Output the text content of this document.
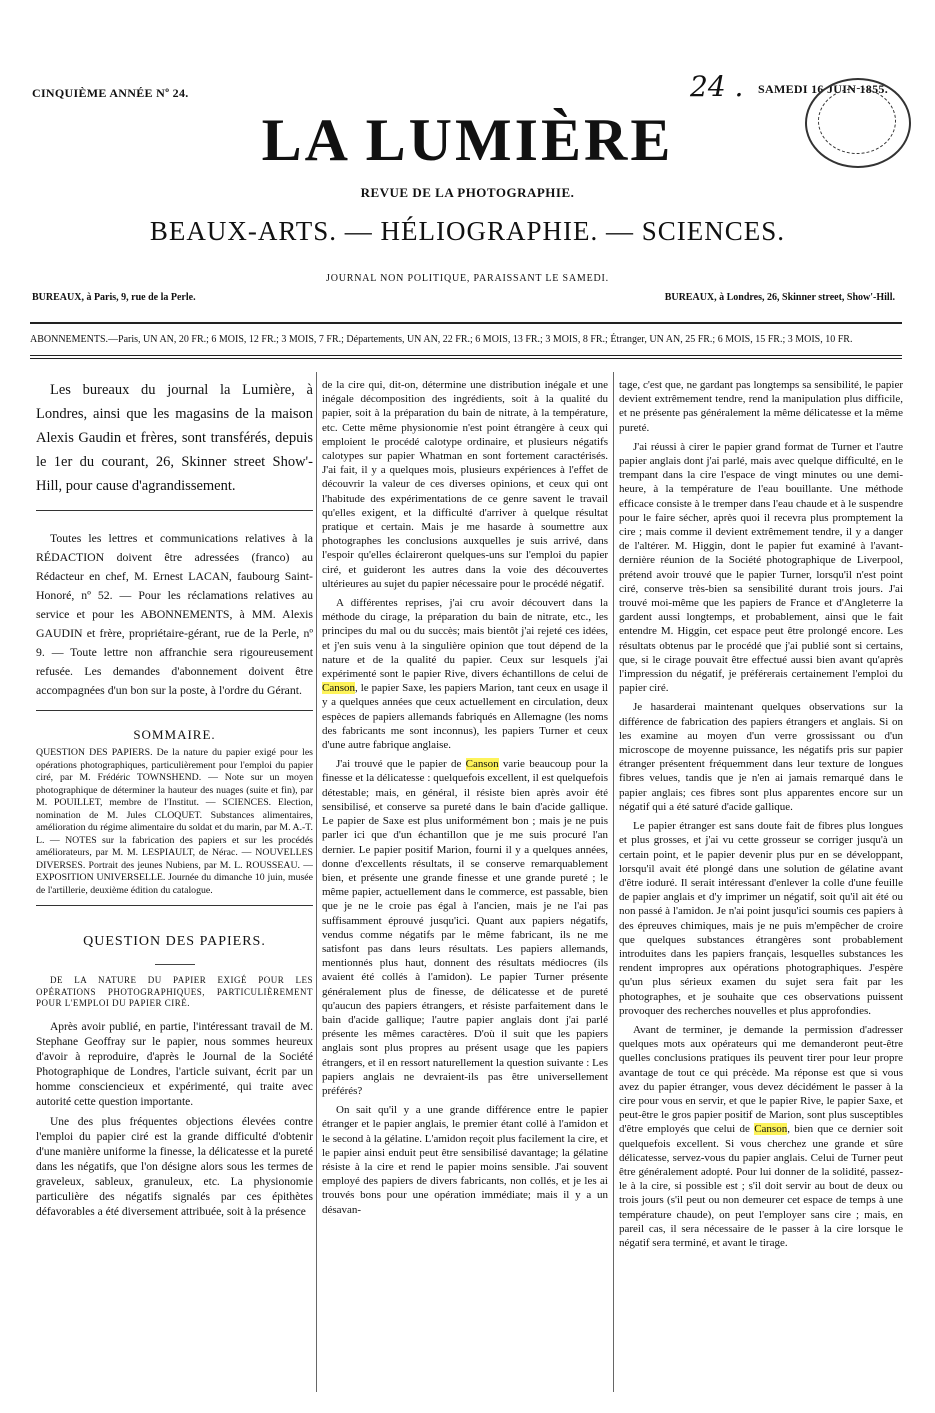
CINQUIÈME ANNÉE Nº 24.	24 . SAMEDI 16 JUIN 1855.
LA LUMIÈRE
REVUE DE LA PHOTOGRAPHIE.
BEAUX-ARTS. — HÉLIOGRAPHIE. — SCIENCES.
JOURNAL NON POLITIQUE, PARAISSANT LE SAMEDI.
BUREAUX, à Paris, 9, rue de la Perle.	BUREAUX, à Londres, 26, Skinner street, Show'-Hill.
ABONNEMENTS.—Paris, UN AN, 20 FR.; 6 MOIS, 12 FR.; 3 MOIS, 7 FR.; Départements, UN AN, 22 FR.; 6 MOIS, 13 FR.; 3 MOIS, 8 FR.; Étranger, UN AN, 25 FR.; 6 MOIS, 15 FR.; 3 MOIS, 10 FR.

Les bureaux du journal la Lumière, à Londres, ainsi que les magasins de la maison Alexis Gaudin et frères, sont transférés, depuis le 1er du courant, 26, Skinner street Show'-Hill, pour cause d'agrandissement.

Toutes les lettres et communications relatives à la RÉDACTION doivent être adressées (franco) au Rédacteur en chef, M. Ernest LACAN, faubourg Saint-Honoré, nº 52. — Pour les réclamations relatives au service et pour les ABONNEMENTS, à MM. Alexis GAUDIN et frère, propriétaire-gérant, rue de la Perle, nº 9. — Toute lettre non affranchie sera rigoureusement refusée. Les demandes d'abonnement doivent être accompagnées d'un bon sur la poste, à l'ordre du Gérant.

SOMMAIRE.

QUESTION DES PAPIERS. De la nature du papier exigé pour les opérations photographiques, particulièrement pour l'emploi du papier ciré, par M. Frédéric TOWNSHEND. — Note sur un moyen photographique de déterminer la hauteur des nuages (suite et fin), par M. POUILLET, membre de l'Institut. — SCIENCES. Election, nomination de M. Jules CLOQUET. Substances alimentaires, amélioration du régime alimentaire du soldat et du marin, par M. A.-T. L. — NOTES sur la fabrication des papiers et sur les procédés améliorateurs, par M. M. LESPIAULT, de Nérac. — NOUVELLES DIVERSES. Portrait des jeunes Nubiens, par M. L. ROUSSEAU. — EXPOSITION UNIVERSELLE. Journée du dimanche 10 juin, musée de l'artillerie, deuxième édition du catalogue.

QUESTION DES PAPIERS.

DE LA NATURE DU PAPIER EXIGÉ POUR LES OPÉRATIONS PHOTOGRAPHIQUES, PARTICULIÈREMENT POUR L'EMPLOI DU PAPIER CIRÉ.

Après avoir publié, en partie, l'intéressant travail de M. Stephane Geoffray sur le papier, nous sommes heureux d'avoir à reproduire, d'après le Journal de la Société Photographique de Londres, l'article suivant, écrit par un homme consciencieux et expérimenté, qui traite avec autorité cette question importante.

Une des plus fréquentes objections élevées contre l'emploi du papier ciré est la grande difficulté d'obtenir d'une manière uniforme la finesse, la délicatesse et la pureté dans les négatifs, que l'on désigne alors sous les termes de graveleux, sableux, granuleux, etc. La physionomie particulière des négatifs signalés par ces épithètes défavorables a été diversement attribuée, soit à la présence

de la cire qui, dit-on, détermine une distribution inégale et une inégale décomposition des ingrédients, soit à la qualité du papier, soit à la préparation du bain de nitrate, à la température, etc. Cette même physionomie n'est point étrangère à ceux qui emploient le procédé calotype ordinaire, et plusieurs négatifs calotypes sur papier Whatman en sont fortement caractérisés. J'ai fait, il y a quelques mois, plusieurs expériences à l'effet de découvrir la valeur de ces diverses opinions, et ceux qui ont l'habitude des expérimentations de ce genre savent le travail qu'elles exigent, et la difficulté d'arriver à quelque résultat pratique et certain. Mais je me hasarde à soumettre aux photographes les conclusions auxquelles je suis arrivé, dans l'espoir qu'elles éclaireront quelques-uns sur l'emploi du papier ciré, et guideront les autres dans la voie des découvertes ultérieures au sujet du papier nécessaire pour le procédé négatif.

A différentes reprises, j'ai cru avoir découvert dans la méthode du cirage, la préparation du bain de nitrate, etc., les principes du mal ou du succès; mais bientôt j'ai rejeté ces idées, et j'en suis venu à la singulière opinion que tout dépend de la nature et de la qualité du papier. Ceux sur lesquels j'ai expérimenté sont le papier Rive, divers échantillons de celui de Canson, le papier Saxe, les papiers Marion, tant ceux en usage il y a quelques années que ceux actuellement en circulation, deux espèces de papiers allemands fabriqués en Allemagne (les noms des fabricants me sont inconnus), les papiers Turner et ceux d'une autre fabrique anglaise.

J'ai trouvé que le papier de Canson varie beaucoup pour la finesse et la délicatesse : quelquefois excellent, il est quelquefois détestable; mais, en général, il résiste bien après avoir été sensibilisé, et conserve sa pureté dans le bain d'acide gallique. Le papier de Saxe est plus uniformément bon ; mais je ne puis parler ici que d'un échantillon que je me suis procuré l'an dernier. Le papier positif Marion, fourni il y a quelques années, donne d'excellents résultats, il se conserve remarquablement bien, et présente une grande finesse et une grande pureté ; le même papier, actuellement dans le commerce, est passable, bien que je ne le croie pas égal à l'ancien, mais je ne l'ai pas suffisamment éprouvé jusqu'ici. Quant aux papiers négatifs, vendus comme négatifs par le même fabricant, ils ne me satisfont pas dans leurs résultats. Les papiers allemands, mentionnés plus haut, donnent des résultats médiocres (ils avaient été collés à l'amidon). Le papier Turner présente généralement plus de finesse, de délicatesse et de pureté qu'aucun des papiers étrangers, et résiste parfaitement dans le bain d'acide gallique; l'autre papier anglais dont j'ai parlé présente les mêmes caractères. D'où il suit que les papiers anglais sont plus propres au présent usage que les papiers étrangers, et il en ressort naturellement la question suivante : Les papiers anglais ne devraient-ils pas être universellement préférés?

On sait qu'il y a une grande différence entre le papier étranger et le papier anglais, le premier étant collé à l'amidon et le second à la gélatine. L'amidon reçoit plus facilement la cire, et le papier ainsi enduit peut être sensibilisé davantage; la gélatine résiste à la cire et rend le papier moins sensible. J'ai souvent employé des papiers de divers fabricants, non collés, et je les ai trouvés bons pour une opération immédiate; mais il y a un désavan-

tage, c'est que, ne gardant pas longtemps sa sensibilité, le papier devient extrêmement tendre, rend la manipulation plus difficile, et ne présente pas généralement la même délicatesse et la même pureté.

J'ai réussi à cirer le papier grand format de Turner et l'autre papier anglais dont j'ai parlé, mais avec quelque difficulté, en le trempant dans la cire l'espace de vingt minutes ou une demi-heure, à la température de l'eau bouillante. Une méthode efficace consiste à le tremper dans l'eau chaude et à le suspendre pour le faire sécher, après quoi il recevra plus promptement la cire ; mais comme il devient extrêmement tendre, il y a danger de l'altérer. M. Higgin, dont le papier fut examiné à l'avant-dernière réunion de la Société photographique de Liverpool, prétend avoir trouvé que le papier Turner, lorsqu'il n'est point ciré, conserve très-bien sa sensibilité durant trois jours. J'ai trouvé moi-même que les papiers de France et d'Angleterre la gardent aussi longtemps, et probablement, ainsi que le fait entendre M. Higgin, cet espace peut être prolongé encore. Les résultats obtenus par le procédé que j'ai publié sont si certains, que, si le cirage pouvait être effectué aussi bien avant qu'après l'impression du négatif, je préférerais certainement l'emploi du papier ciré.

Je hasarderai maintenant quelques observations sur la différence de fabrication des papiers étrangers et anglais. Si on les examine au moyen d'un verre grossissant ou d'un microscope de moyenne puissance, les négatifs pris sur papier étranger présentent fréquemment dans leur texture de longues fibres velues, tandis que je n'en ai jamais remarqué dans le papier anglais; ces fibres sont plus apparentes encore sur un négatif qui a été saturé d'acide gallique.

Le papier étranger est sans doute fait de fibres plus longues et plus grosses, et j'ai vu cette grosseur se corriger jusqu'à un certain point, et le papier devenir plus pur en se développant, lorsqu'il avait été plongé dans une solution de gélatine avant d'être ioduré. Il serait intéressant d'enlever la colle d'une feuille de papier anglais et d'y imprimer un négatif, soit qu'il ait été ou non passé à l'amidon. Je n'ai point jusqu'ici soumis ces papiers à des épreuves chimiques, mais je ne puis m'empêcher de croire que quelques substances étrangères sont probablement introduites dans les papiers français, lesquelles substances les rendent impropres aux opérations photographiques. J'espère qu'un plus sérieux examen du sujet sera fait par les photographes, et je souhaite que ces observations puissent provoquer des recherches nouvelles et plus approfondies.

Avant de terminer, je demande la permission d'adresser quelques mots aux opérateurs qui me demanderont peut-être quelles conclusions pratiques ils peuvent tirer pour leur propre avantage de tout ce qui précède. Ma réponse est que si vous avez du papier étranger, vous devez décidément le passer à la cire pour vous en servir, et que le papier Rive, le papier Saxe, et peut-être le gros papier positif de Marion, sont plus susceptibles d'être employés que celui de Canson, bien que ce dernier soit quelquefois excellent. Si vous cherchez une grande et sûre délicatesse, servez-vous du papier anglais. Celui de Turner peut être généralement adopté. Pour lui donner de la solidité, passez-le à la cire, si possible est ; s'il doit servir au bout de deux ou trois jours (s'il peut ou non demeurer cet espace de temps à une température chaude), on peut l'employer sans cire ; mais, en pareil cas, il sera nécessaire de le passer à la cire lorsque le négatif sera terminé, et avant le tirage.
